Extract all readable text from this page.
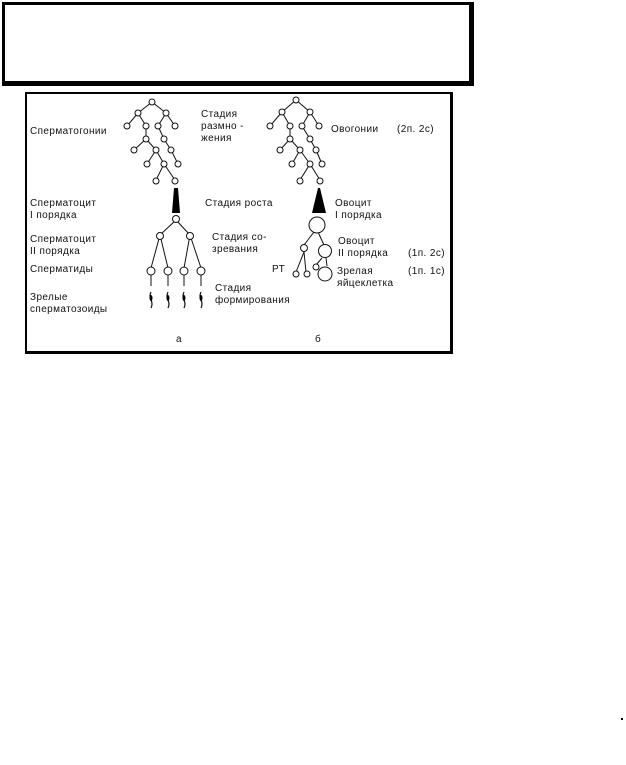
Сперматогонии
Стадия
размно -
жения
Овогонии (2п. 2с)
Сперматоцит
I порядка
Стадия роста	Овоцит
I порядка
Сперматоцит
II порядка
Стадия со-
зревания
Овоцит
II порядка (1п. 2с)
РТ
Сперматиды	Зрелая
яйцеклетка
(1п. 1с)
Зрелые
сперматозоиды
Стадия
формирования
а	б
